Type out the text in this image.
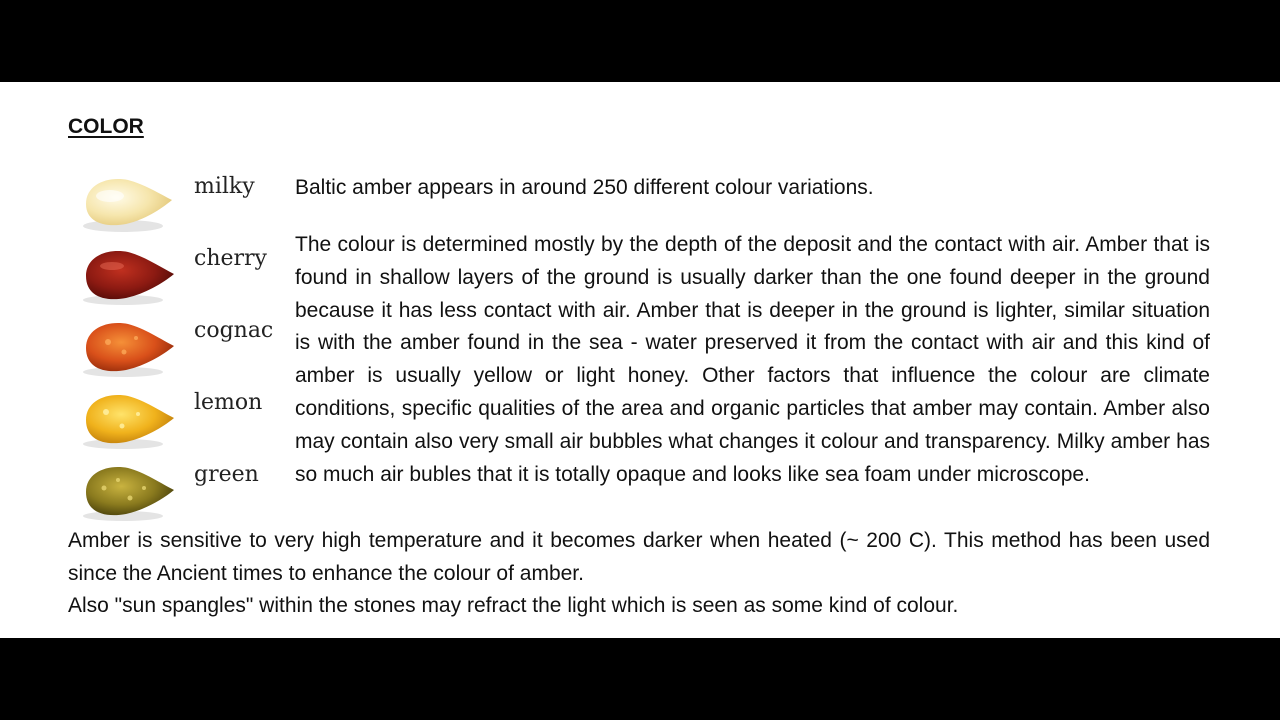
COLOR
milky
cherry
cognac
lemon
green

Baltic amber appears in around 250 different colour variations.

The colour is determined mostly by the depth of the deposit and the contact with air. Amber that is found in shallow layers of the ground is usually darker than the one found deeper in the ground because it has less contact with air. Amber that is deeper in the ground is lighter, similar situation is with the amber found in the sea - water preserved it from the contact with air and this kind of amber is usually yellow or light honey. Other factors that influence the colour are climate conditions, specific qualities of the area and organic particles that amber may contain. Amber also may contain also very small air bubbles what changes it colour and transparency. Milky amber has so much air bubles that it is totally opaque and looks like sea foam under microscope.

Amber is sensitive to very high temperature and it becomes darker when heated (~ 200 C). This method has been used since the Ancient times to enhance the colour of amber.

Also "sun spangles" within the stones may refract the light which is seen as some kind of colour.
